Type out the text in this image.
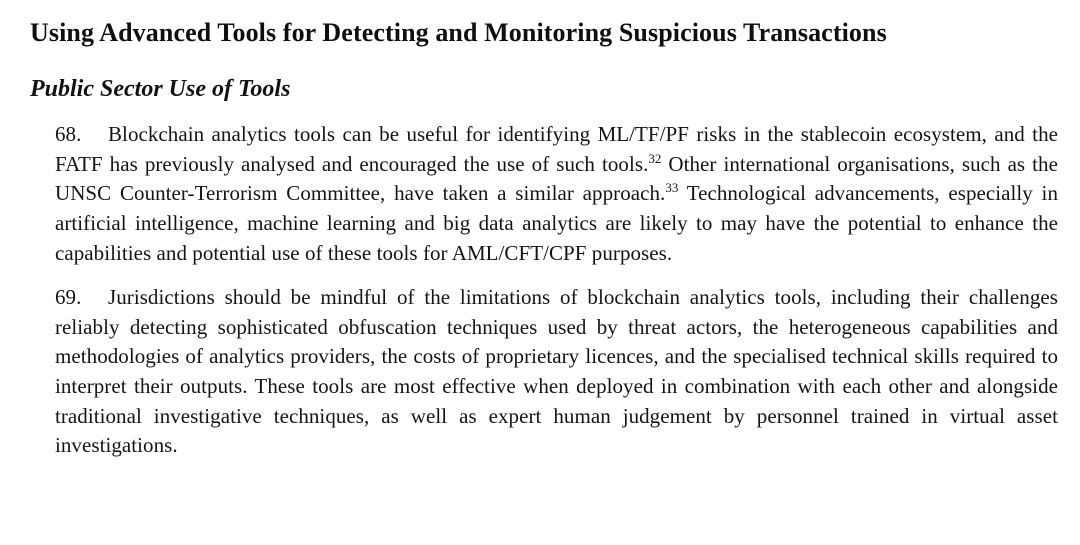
Using Advanced Tools for Detecting and Monitoring Suspicious Transactions
Public Sector Use of Tools

68. Blockchain analytics tools can be useful for identifying ML/TF/PF risks in the stablecoin ecosystem, and the FATF has previously analysed and encouraged the use of such tools.$^{32}$ Other international organisations, such as the UNSC Counter-Terrorism Committee, have taken a similar approach.$^{33}$ Technological advancements, especially in artificial intelligence, machine learning and big data analytics are likely to may have the potential to enhance the capabilities and potential use of these tools for AML/CFT/CPF purposes.

69. Jurisdictions should be mindful of the limitations of blockchain analytics tools, including their challenges reliably detecting sophisticated obfuscation techniques used by threat actors, the heterogeneous capabilities and methodologies of analytics providers, the costs of proprietary licences, and the specialised technical skills required to interpret their outputs. These tools are most effective when deployed in combination with each other and alongside traditional investigative techniques, as well as expert human judgement by personnel trained in virtual asset investigations.
